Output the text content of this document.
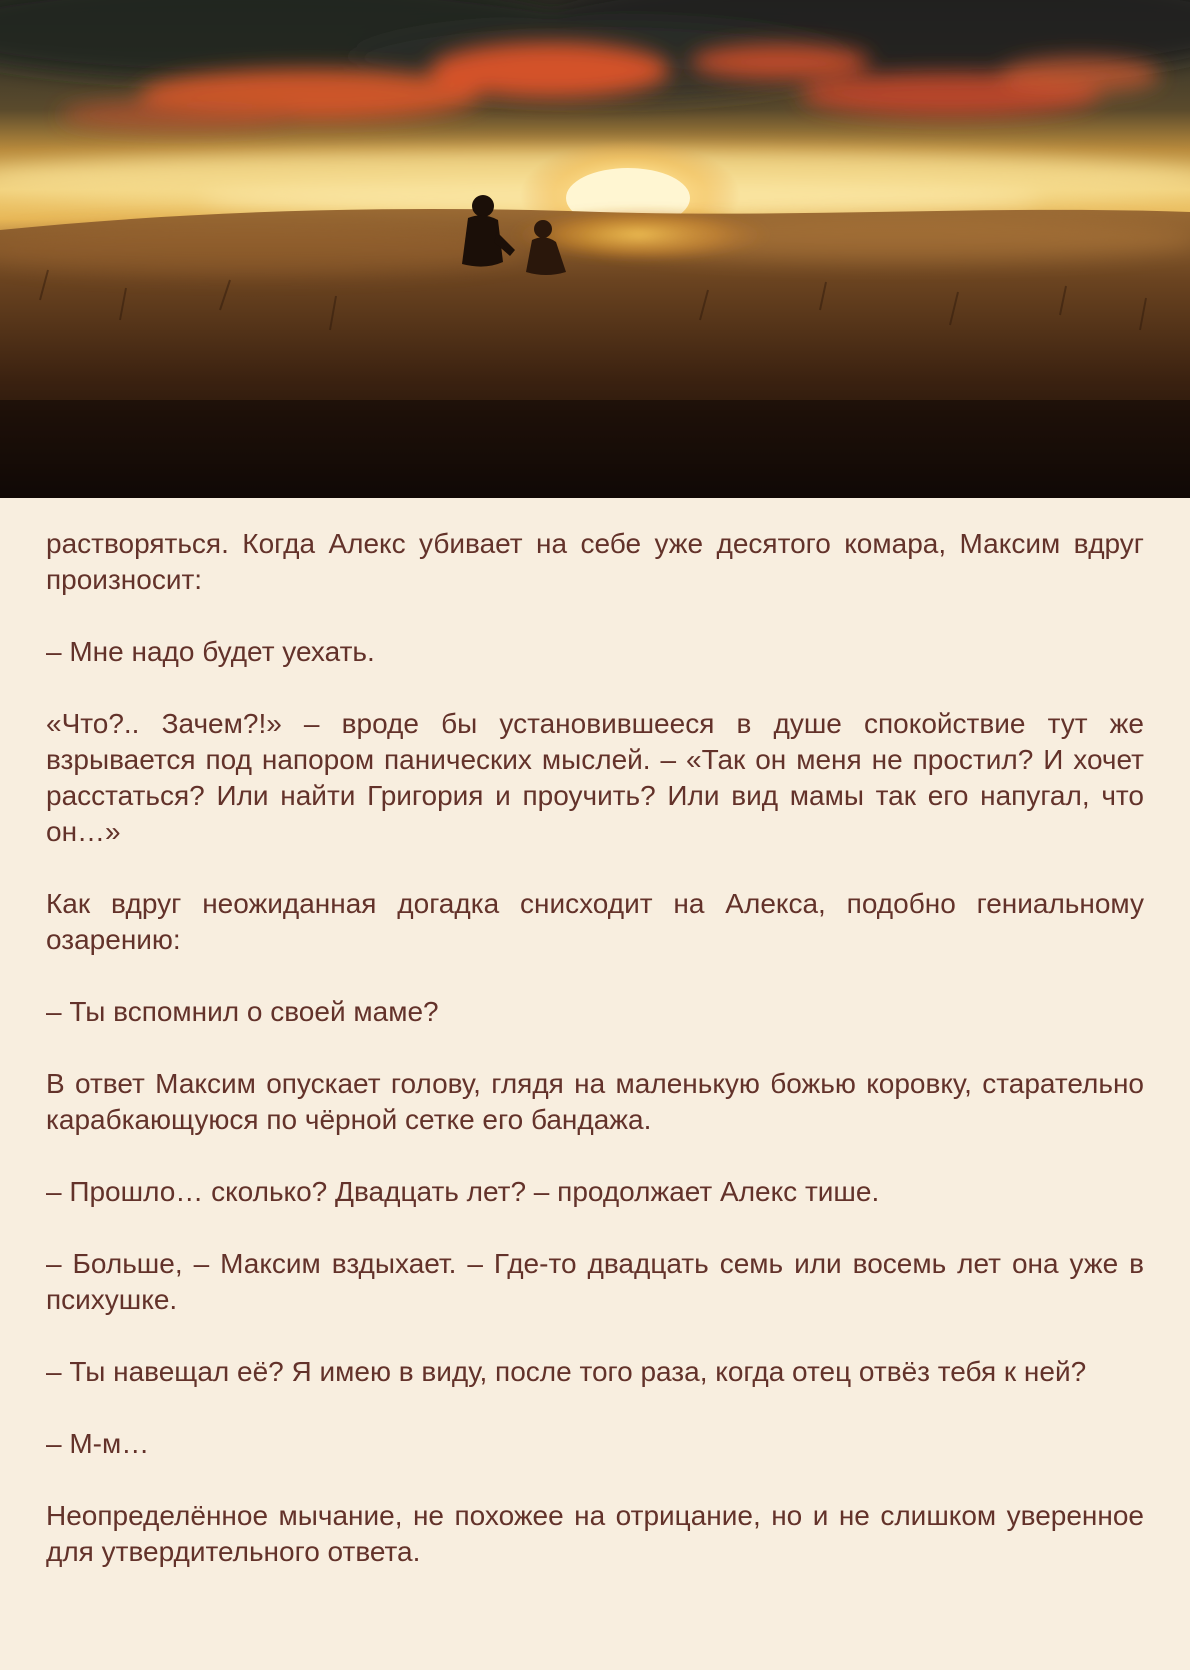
растворяться. Когда Алекс убивает на себе уже десятого комара, Максим вдруг произносит:

– Мне надо будет уехать.

«Что?.. Зачем?!» – вроде бы установившееся в душе спокойствие тут же взрывается под напором панических мыслей. – «Так он меня не простил? И хочет расстаться? Или найти Григория и проучить? Или вид мамы так его напугал, что он…»

Как вдруг неожиданная догадка снисходит на Алекса, подобно гениальному озарению:

– Ты вспомнил о своей маме?

В ответ Максим опускает голову, глядя на маленькую божью коровку, старательно карабкающуюся по чёрной сетке его бандажа.

– Прошло… сколько? Двадцать лет? – продолжает Алекс тише.

– Больше, – Максим вздыхает. – Где-то двадцать семь или восемь лет она уже в психушке.

– Ты навещал её? Я имею в виду, после того раза, когда отец отвёз тебя к ней?

– М-м…

Неопределённое мычание, не похожее на отрицание, но и не слишком уверенное для утвердительного ответа.
